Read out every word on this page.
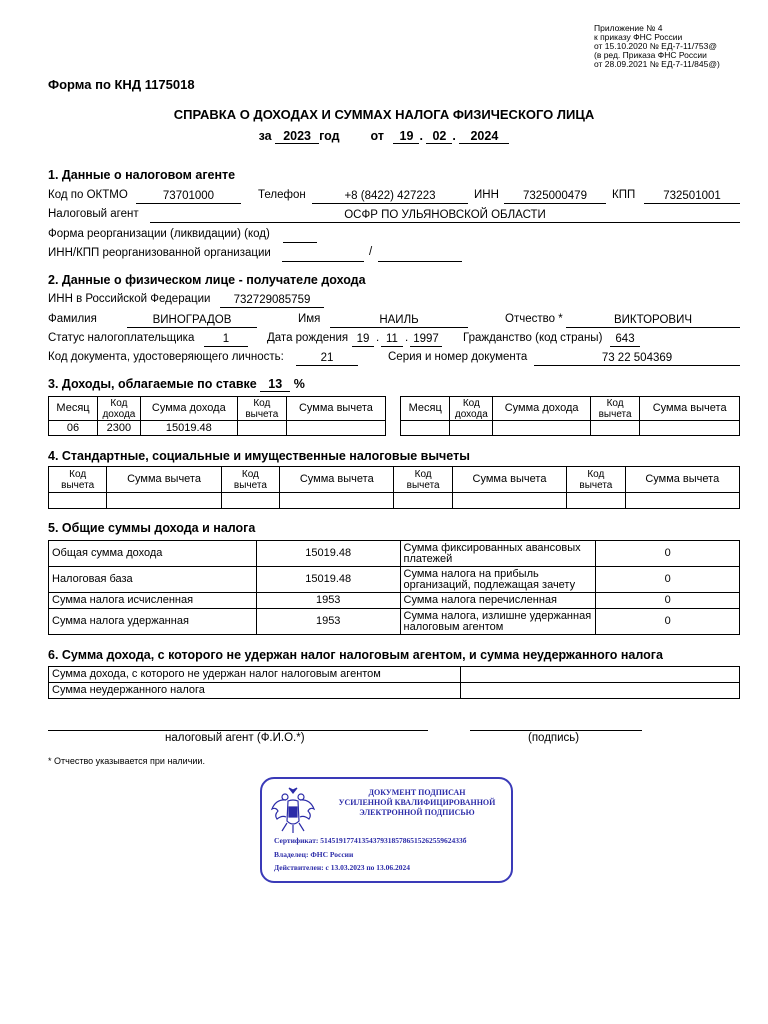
Приложение № 4
к приказу ФНС России
от 15.10.2020 № ЕД-7-11/753@
(в ред. Приказа ФНС России
от 28.09.2021 № ЕД-7-11/845@)
Форма по КНД 1175018
СПРАВКА О ДОХОДАХ И СУММАХ НАЛОГА ФИЗИЧЕСКОГО ЛИЦА
за 2023 год от 19 . 02 . 2024
1. Данные о налоговом агенте
Код по ОКТМО	73701000	Телефон	+8 (8422) 427223	ИНН	7325000479	КПП	732501001
Налоговый агент	ОСФР ПО УЛЬЯНОВСКОЙ ОБЛАСТИ
Форма реорганизации (ликвидации) (код)
ИНН/КПП реорганизованной организации	/
2. Данные о физическом лице - получателе дохода
ИНН в Российской Федерации	732729085759
Фамилия	ВИНОГРАДОВ	Имя	НАИЛЬ	Отчество *	ВИКТОРОВИЧ
Статус налогоплательщика	1	Дата рождения 19 . 11 . 1997 Гражданство (код страны)	643
Код документа, удостоверяющего личность:	21	Серия и номер документа	73 22 504369
3. Доходы, облагаемые по ставке 13 %
Месяц	Код дохода	Сумма дохода	Код вычета	Сумма вычета
06	2300	15019.48		
Месяц	Код дохода	Сумма дохода	Код вычета	Сумма вычета

4. Стандартные, социальные и имущественные налоговые вычеты
Код вычета	Сумма вычета	Код вычета	Сумма вычета	Код вычета	Сумма вычета	Код вычета	Сумма вычета

5. Общие суммы дохода и налога
Общая сумма дохода	15019.48	Сумма фиксированных авансовых платежей	0
Налоговая база	15019.48	Сумма налога на прибыль организаций, подлежащая зачету	0
Сумма налога исчисленная	1953	Сумма налога перечисленная	0
Сумма налога удержанная	1953	Сумма налога, излишне удержанная налоговым агентом	0
6. Сумма дохода, с которого не удержан налог налоговым агентом, и сумма неудержанного налога
Сумма дохода, с которого не удержан налог налоговым агентом	
Сумма неудержанного налога	
налоговый агент (Ф.И.О.*)	(подпись)
* Отчество указывается при наличии.
ДОКУМЕНТ ПОДПИСАН
УСИЛЕННОЙ КВАЛИФИЦИРОВАННОЙ
ЭЛЕКТРОННОЙ ПОДПИСЬЮ
Сертификат: 51451917741354379318578651526255962433б
Владелец: ФНС России
Действителен: с 13.03.2023 по 13.06.2024
